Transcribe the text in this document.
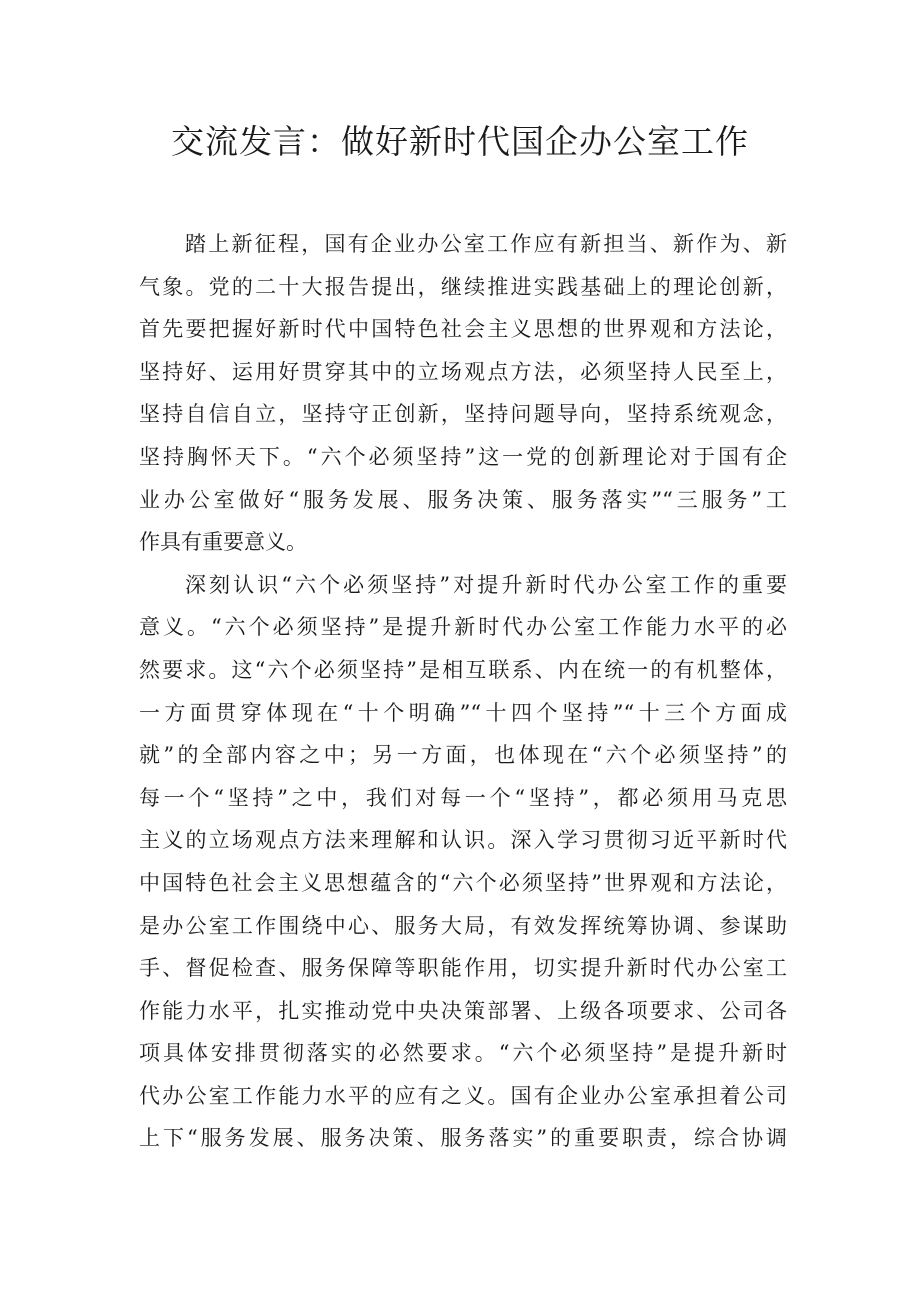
交流发言：做好新时代国企办公室工作
踏上新征程，国有企业办公室工作应有新担当、新作为、新
气象。党的二十大报告提出，继续推进实践基础上的理论创新，
首先要把握好新时代中国特色社会主义思想的世界观和方法论，
坚持好、运用好贯穿其中的立场观点方法，必须坚持人民至上，
坚持自信自立，坚持守正创新，坚持问题导向，坚持系统观念，
坚持胸怀天下。“六个必须坚持”这一党的创新理论对于国有企
业办公室做好“服务发展、服务决策、服务落实”“三服务”工
作具有重要意义。
深刻认识“六个必须坚持”对提升新时代办公室工作的重要
意义。“六个必须坚持”是提升新时代办公室工作能力水平的必
然要求。这“六个必须坚持”是相互联系、内在统一的有机整体，
一方面贯穿体现在“十个明确”“十四个坚持”“十三个方面成
就”的全部内容之中；另一方面，也体现在“六个必须坚持”的
每一个“坚持”之中，我们对每一个“坚持”，都必须用马克思
主义的立场观点方法来理解和认识。深入学习贯彻习近平新时代
中国特色社会主义思想蕴含的“六个必须坚持”世界观和方法论，
是办公室工作围绕中心、服务大局，有效发挥统筹协调、参谋助
手、督促检查、服务保障等职能作用，切实提升新时代办公室工
作能力水平，扎实推动党中央决策部署、上级各项要求、公司各
项具体安排贯彻落实的必然要求。“六个必须坚持”是提升新时
代办公室工作能力水平的应有之义。国有企业办公室承担着公司
上下“服务发展、服务决策、服务落实”的重要职责，综合协调
